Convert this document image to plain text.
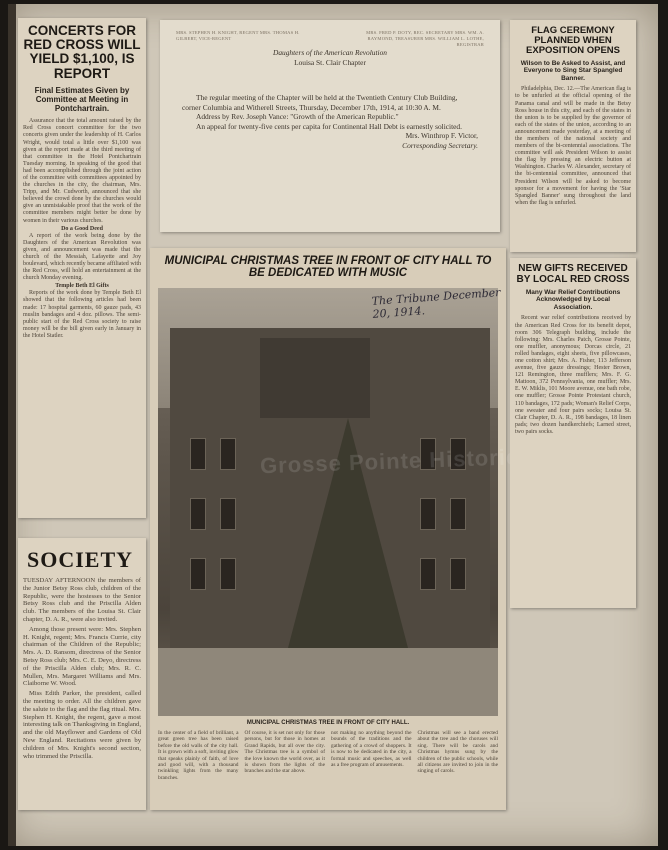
CONCERTS FOR RED CROSS WILL YIELD $1,100, IS REPORT

Final Estimates Given by Committee at Meeting in Pontchartrain.

Assurance that the total amount raised by the Red Cross concert committee for the two concerts given under the leadership of H. Carlos Wright, would total a little over $1,100 was given at the report made at the third meeting of that committee in the Hotel Pontchartrain Tuesday morning. In speaking of the good that had been accomplished through the joint action of the committee with committees appointed by the churches in the city, the chairman, Mrs. Tripp, and Mr. Cudworth, announced that she believed the crowd done by the churches would give an unmistakable proof that the work of the committee members might better be done by women in their various churches.

Do a Good Deed

A report of the work being done by the Daughters of the American Revolution was given, and announcement was made that the church of the Messiah, Lafayette and Joy boulevard, which recently became affiliated with the Red Cross, will hold an entertainment at the church Monday evening.

Temple Beth El Gifts

Reports of the work done by Temple Beth El showed that the following articles had been made: 17 hospital garments, 60 gauze pads, 43 muslin bandages and 4 doz. pillows. The semi-public start of the Red Cross society to raise money will be the bill given early in January in the Hotel Statler.

MRS. STEPHEN H. KNIGHT, REGENT MRS. THOMAS H. GILBERT, VICE-REGENT
MRS. FRED P. DOTY, REC. SECRETARY MRS. WM. A. RAYMOND, TREASURER MRS. WILLIAM L. LOTHE, REGISTRAR

Daughters of the American Revolution

Louisa St. Clair Chapter

The regular meeting of the Chapter will be held at the Twentieth Century Club Building, corner Columbia and Witherell Streets, Thursday, December 17th, 1914, at 10:30 A. M.

Address by Rev. Joseph Vance: "Growth of the American Republic."

An appeal for twenty-five cents per capita for Continental Hall Debt is earnestly solicited.

Mrs. Winthrop F. Victor,

Corresponding Secretary.

FLAG CEREMONY PLANNED WHEN EXPOSITION OPENS

Wilson to Be Asked to Assist, and Everyone to Sing Star Spangled Banner.

Philadelphia, Dec. 12.—The American flag is to be unfurled at the official opening of the Panama canal and will be made in the Betsy Ross house in this city, and each of the states in the union is to be supplied by the governor of each of the states of the union, according to an announcement made yesterday, at a meeting of the members of the national society and members of the bi-centennial associations. The committee will ask President Wilson to assist the flag by pressing an electric button at Washington. Charles W. Alexander, secretary of the bi-centennial committee, announced that President Wilson will be asked to become sponsor for a movement for having the 'Star Spangled Banner' sung throughout the land when the flag is unfurled.

MUNICIPAL CHRISTMAS TREE IN FRONT OF CITY HALL TO BE DEDICATED WITH MUSIC

The Tribune December 20, 1914.
MUNICIPAL CHRISTMAS TREE IN FRONT OF CITY HALL.

In the center of a field of brilliant, a great green tree has been raised before the old walls of the city hall. It is grown with a soft, inviting glow that speaks plainly of faith, of love and good will, with a thousand twinkling lights from the many branches.

Of course, it is set not only for those persons, but for those in homes at Grand Rapids, but all over the city. The Christmas tree is a symbol of the love known the world over, as it is shown from the lights of the branches and the star above.

not making no anything beyond the bounds of the traditions and the gathering of a crowd of shoppers. It is now to be dedicated in the city, a formal music and speeches, as well as a free program of amusements.

Christmas will see a band erected about the tree and the choruses will sing. There will be carols and Christmas hymns sung by the children of the public schools, while all citizens are invited to join in the singing of carols.

NEW GIFTS RECEIVED BY LOCAL RED CROSS

Many War Relief Contributions Acknowledged by Local Association.

Recent war relief contributions received by the American Red Cross for its benefit depot, room 306 Telegraph building, include the following: Mrs. Charles Patch, Grosse Pointe, one muffler, anonymous; Dorcas circle, 21 rolled bandages, eight sheets, five pillowcases, one cotton shirt; Mrs. A. Fisher, 113 Jefferson avenue, five gauze dressings; Hester Brown, 121 Remington, three mufflers; Mrs. F. G. Mattoon, 372 Pennsylvania, one muffler; Mrs. E. W. Miklis, 101 Moore avenue, one bath robe, one muffler; Grosse Pointe Protestant church, 110 bandages, 172 pads; Woman's Relief Corps, one sweater and four pairs socks; Louisa St. Clair Chapter, D. A. R., 198 bandages, 18 linen pads; two dozen handkerchiefs; Larned street, two pairs socks.

SOCIETY

TUESDAY AFTERNOON the members of the Junior Betsy Ross club, children of the Republic, were the hostesses to the Senior Betsy Ross club and the Priscilla Alden club. The members of the Louisa St. Clair chapter, D. A. R., were also invited.

Among those present were: Mrs. Stephen H. Knight, regent; Mrs. Francis Currie, city chairman of the Children of the Republic; Mrs. A. D. Ransom, directress of the Senior Betsy Ross club; Mrs. C. E. Deyo, directress of the Priscilla Alden club; Mrs. R. C. Mullen, Mrs. Margaret Williams and Mrs. Claiborne W. Wood.

Miss Edith Parker, the president, called the meeting to order. All the children gave the salute to the flag and the flag ritual. Mrs. Stephen H. Knight, the regent, gave a most interesting talk on Thanksgiving in England, and the old Mayflower and Gardens of Old New England. Recitations were given by children of Mrs. Knight's second section, who trimmed the Priscilla.
